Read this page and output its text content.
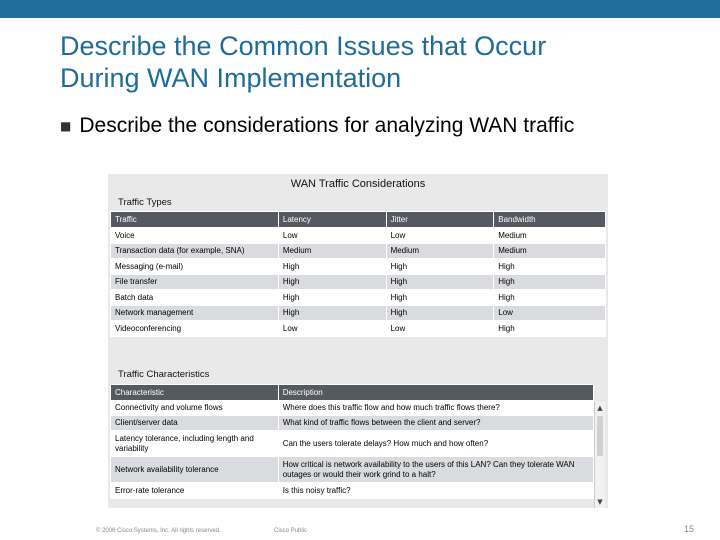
Describe the Common Issues that Occur
During WAN Implementation
■ Describe the considerations for analyzing WAN traffic
WAN Traffic Considerations
Traffic Types
Traffic	Latency	Jitter	Bandwidth
Voice	Low	Low	Medium
Transaction data (for example, SNA)	Medium	Medium	Medium
Messaging (e-mail)	High	High	High
File transfer	High	High	High
Batch data	High	High	High
Network management	High	High	Low
Videoconferencing	Low	Low	High
Traffic Characteristics
Characteristic	Description
Connectivity and volume flows	Where does this traffic flow and how much traffic flows there?
Client/server data	What kind of traffic flows between the client and server?
Latency tolerance, including length and variability	Can the users tolerate delays? How much and how often?
Network availability tolerance	How critical is network availability to the users of this LAN? Can they tolerate WAN outages or would their work grind to a halt?
Error-rate tolerance	Is this noisy traffic?
▲
▼
© 2006 Cisco Systems, Inc. All rights reserved.	Cisco Public	15
